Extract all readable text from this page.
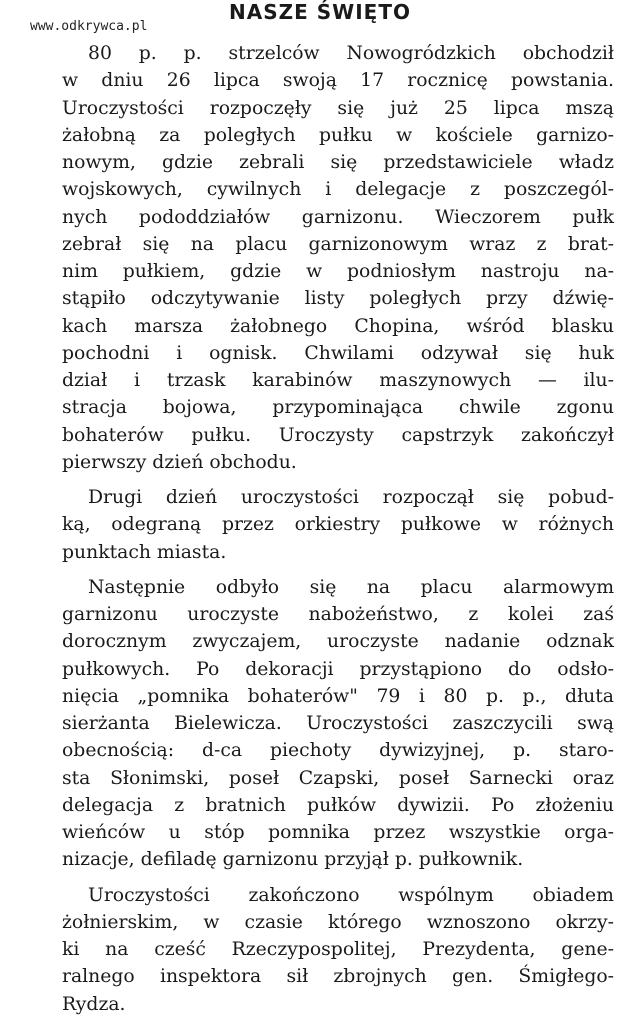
www.odkrywca.pl
NASZE ŚWIĘTO
80 p. p. strzelców Nowogródzkich obchodził
w dniu 26 lipca swoją 17 rocznicę powstania.
Uroczystości rozpoczęły się już 25 lipca mszą
żałobną za poległych pułku w kościele garnizo-
nowym, gdzie zebrali się przedstawiciele władz
wojskowych, cywilnych i delegacje z poszczegól-
nych pododdziałów garnizonu. Wieczorem pułk
zebrał się na placu garnizonowym wraz z brat-
nim pułkiem, gdzie w podniosłym nastroju na-
stąpiło odczytywanie listy poległych przy dźwię-
kach marsza żałobnego Chopina, wśród blasku
pochodni i ognisk. Chwilami odzywał się huk
dział i trzask karabinów maszynowych — ilu-
stracja bojowa, przypominająca chwile zgonu
bohaterów pułku. Uroczysty capstrzyk zakończył
pierwszy dzień obchodu.
Drugi dzień uroczystości rozpoczął się pobud-
ką, odegraną przez orkiestry pułkowe w różnych
punktach miasta.
Następnie odbyło się na placu alarmowym
garnizonu uroczyste nabożeństwo, z kolei zaś
dorocznym zwyczajem, uroczyste nadanie odznak
pułkowych. Po dekoracji przystąpiono do odsło-
nięcia „pomnika bohaterów" 79 i 80 p. p., dłuta
sierżanta Bielewicza. Uroczystości zaszczycili swą
obecnością: d-ca piechoty dywizyjnej, p. staro-
sta Słonimski, poseł Czapski, poseł Sarnecki oraz
delegacja z bratnich pułków dywizii. Po złożeniu
wieńców u stóp pomnika przez wszystkie orga-
nizacje, defiladę garnizonu przyjął p. pułkownik.
Uroczystości zakończono wspólnym obiadem
żołnierskim, w czasie którego wznoszono okrzy-
ki na cześć Rzeczypospolitej, Prezydenta, gene-
ralnego inspektora sił zbrojnych gen. Śmigłego-
Rydza.
